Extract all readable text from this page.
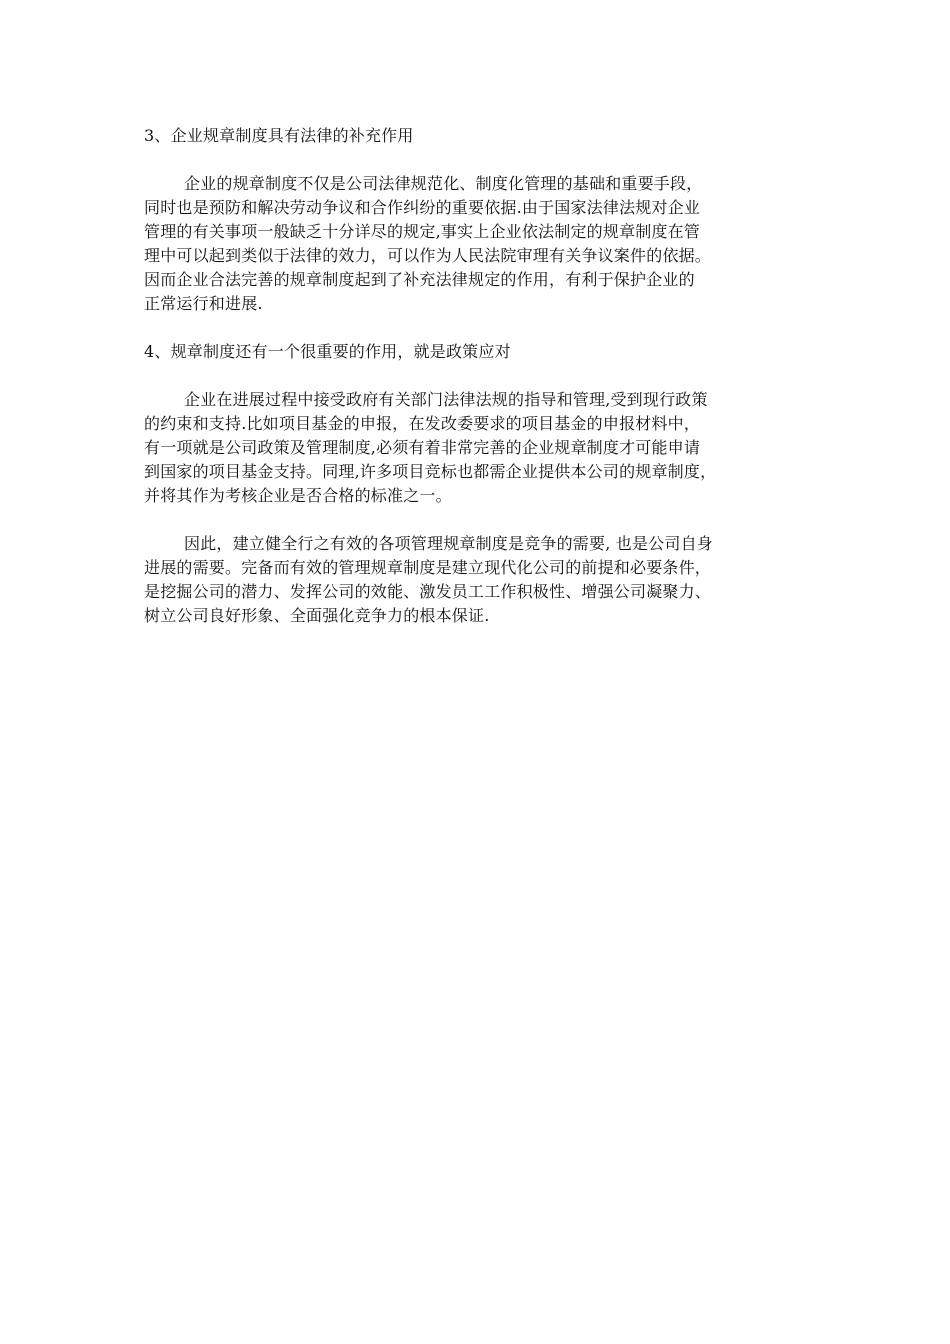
3、企业规章制度具有法律的补充作用

企业的规章制度不仅是公司法律规范化、制度化管理的基础和重要手段，
同时也是预防和解决劳动争议和合作纠纷的重要依据.由于国家法律法规对企业
管理的有关事项一般缺乏十分详尽的规定,事实上企业依法制定的规章制度在管
理中可以起到类似于法律的效力，可以作为人民法院审理有关争议案件的依据。
因而企业合法完善的规章制度起到了补充法律规定的作用，有利于保护企业的
正常运行和进展.

4、规章制度还有一个很重要的作用，就是政策应对

企业在进展过程中接受政府有关部门法律法规的指导和管理,受到现行政策
的约束和支持.比如项目基金的申报，在发改委要求的项目基金的申报材料中，
有一项就是公司政策及管理制度,必须有着非常完善的企业规章制度才可能申请
到国家的项目基金支持。同理,许多项目竞标也都需企业提供本公司的规章制度，
并将其作为考核企业是否合格的标准之一。
因此，建立健全行之有效的各项管理规章制度是竞争的需要, 也是公司自身
进展的需要。完备而有效的管理规章制度是建立现代化公司的前提和必要条件，
是挖掘公司的潜力、发挥公司的效能、激发员工工作积极性、增强公司凝聚力、
树立公司良好形象、全面强化竞争力的根本保证.
